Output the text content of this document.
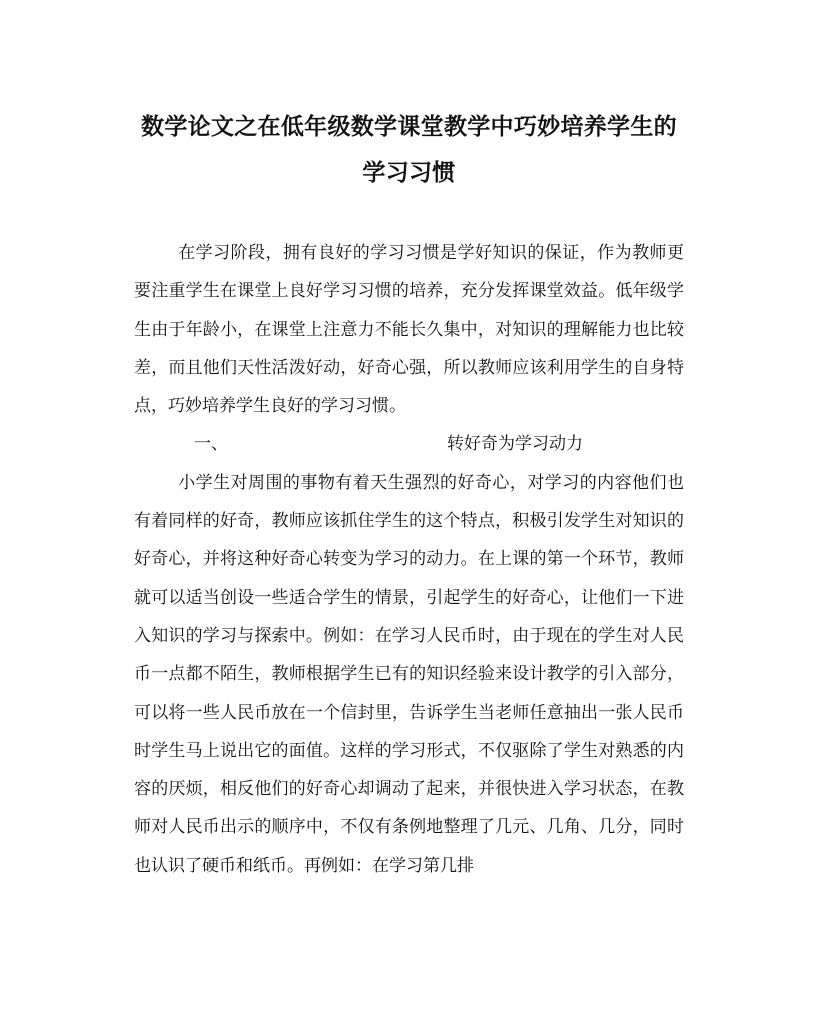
数学论文之在低年级数学课堂教学中巧妙培养学生的
学习习惯

在学习阶段，拥有良好的学习习惯是学好知识的保证，作为教师更要注重学生在课堂上良好学习习惯的培养，充分发挥课堂效益。低年级学生由于年龄小，在课堂上注意力不能长久集中，对知识的理解能力也比较差，而且他们天性活泼好动，好奇心强，所以教师应该利用学生的自身特点，巧妙培养学生良好的学习习惯。

一、	转好奇为学习动力

小学生对周围的事物有着天生强烈的好奇心，对学习的内容他们也有着同样的好奇，教师应该抓住学生的这个特点，积极引发学生对知识的好奇心，并将这种好奇心转变为学习的动力。在上课的第一个环节，教师就可以适当创设一些适合学生的情景，引起学生的好奇心，让他们一下进入知识的学习与探索中。例如：在学习人民币时，由于现在的学生对人民币一点都不陌生，教师根据学生已有的知识经验来设计教学的引入部分，可以将一些人民币放在一个信封里，告诉学生当老师任意抽出一张人民币时学生马上说出它的面值。这样的学习形式，不仅驱除了学生对熟悉的内容的厌烦，相反他们的好奇心却调动了起来，并很快进入学习状态，在教师对人民币出示的顺序中，不仅有条例地整理了几元、几角、几分，同时也认识了硬币和纸币。再例如：在学习第几排
